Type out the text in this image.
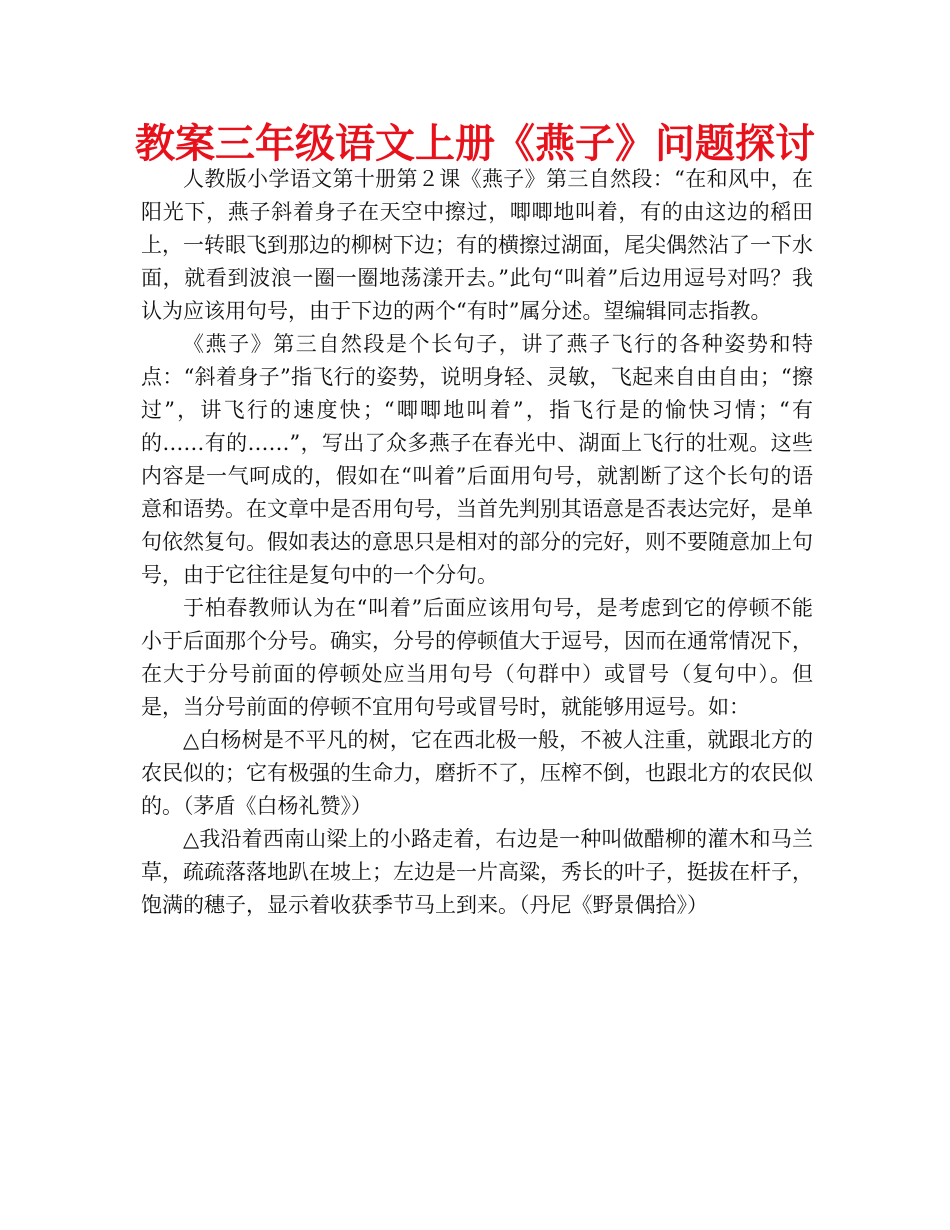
教案三年级语文上册《燕子》问题探讨

人教版小学语文第十册第２课《燕子》第三自然段：“在和风中，在阳光下，燕子斜着身子在天空中擦过，唧唧地叫着，有的由这边的稻田上，一转眼飞到那边的柳树下边；有的横擦过湖面，尾尖偶然沾了一下水面，就看到波浪一圈一圈地荡漾开去。”此句“叫着”后边用逗号对吗？我认为应该用句号，由于下边的两个“有时”属分述。望编辑同志指教。

《燕子》第三自然段是个长句子，讲了燕子飞行的各种姿势和特点：“斜着身子”指飞行的姿势，说明身轻、灵敏，飞起来自由自由；“擦过”，讲飞行的速度快；“唧唧地叫着”，指飞行是的愉快习情；“有的……有的……”，写出了众多燕子在春光中、湖面上飞行的壮观。这些内容是一气呵成的，假如在“叫着”后面用句号，就割断了这个长句的语意和语势。在文章中是否用句号，当首先判别其语意是否表达完好，是单句依然复句。假如表达的意思只是相对的部分的完好，则不要随意加上句号，由于它往往是复句中的一个分句。

于柏春教师认为在“叫着”后面应该用句号，是考虑到它的停顿不能小于后面那个分号。确实，分号的停顿值大于逗号，因而在通常情况下，在大于分号前面的停顿处应当用句号（句群中）或冒号（复句中）。但是，当分号前面的停顿不宜用句号或冒号时，就能够用逗号。如：

△白杨树是不平凡的树，它在西北极一般，不被人注重，就跟北方的农民似的；它有极强的生命力，磨折不了，压榨不倒，也跟北方的农民似的。（茅盾《白杨礼赞》）

△我沿着西南山梁上的小路走着，右边是一种叫做醋柳的灌木和马兰草，疏疏落落地趴在坡上；左边是一片高粱，秀长的叶子，挺拔在杆子，饱满的穗子，显示着收获季节马上到来。（丹尼《野景偶拾》）
